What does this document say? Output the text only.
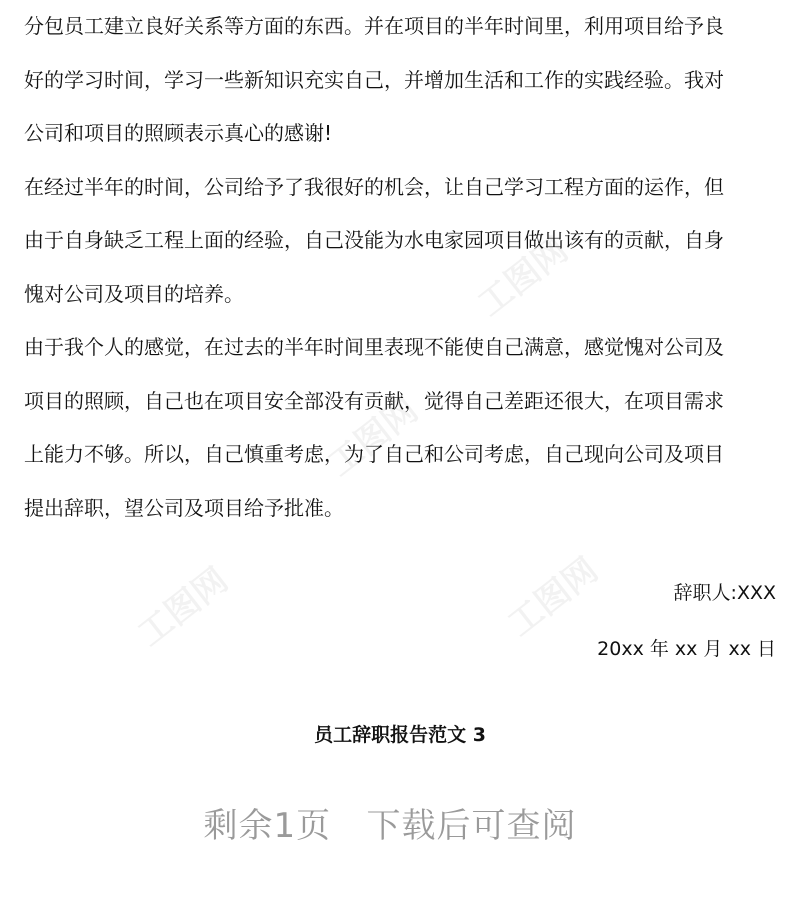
工图网
工图网
工图网	工图网
分包员工建立良好关系等方面的东西。并在项目的半年时间里，利用项目给予良
好的学习时间，学习一些新知识充实自己，并增加生活和工作的实践经验。我对
公司和项目的照顾表示真心的感谢!
在经过半年的时间，公司给予了我很好的机会，让自己学习工程方面的运作，但
由于自身缺乏工程上面的经验，自己没能为水电家园项目做出该有的贡献，自身
愧对公司及项目的培养。
由于我个人的感觉，在过去的半年时间里表现不能使自己满意，感觉愧对公司及
项目的照顾，自己也在项目安全部没有贡献，觉得自己差距还很大，在项目需求
上能力不够。所以，自己慎重考虑，为了自己和公司考虑，自己现向公司及项目
提出辞职，望公司及项目给予批准。
辞职人:XXX
20xx 年 xx 月 xx 日
员工辞职报告范文 3
剩余1页   下载后可查阅
